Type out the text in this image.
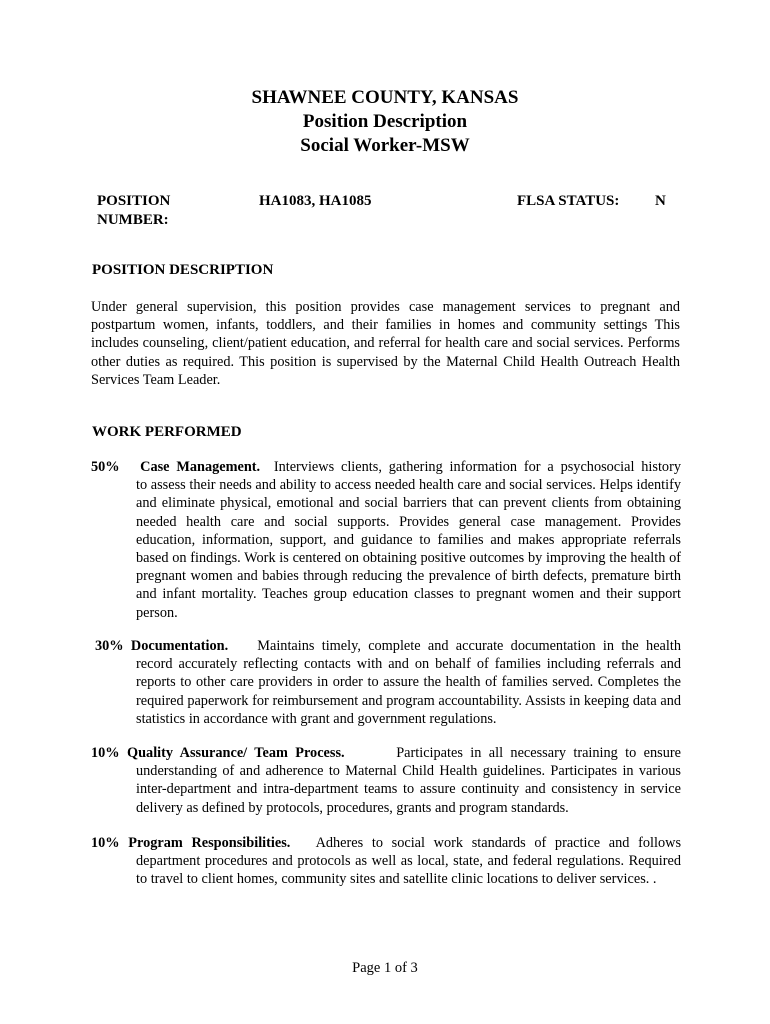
SHAWNEE COUNTY, KANSAS
Position Description
Social Worker-MSW
POSITION
NUMBER:
HA1083, HA1085	FLSA STATUS: N
POSITION DESCRIPTION
Under general supervision, this position provides case management services to pregnant and postpartum women, infants, toddlers, and their families in homes and community settings This includes counseling, client/patient education, and referral for health care and social services. Performs other duties as required. This position is supervised by the Maternal Child Health Outreach Health Services Team Leader.
WORK PERFORMED
50% Case Management. Interviews clients, gathering information for a psychosocial history
to assess their needs and ability to access needed health care and social services. Helps identify and eliminate physical, emotional and social barriers that can prevent clients from obtaining needed health care and social supports. Provides general case management. Provides education, information, support, and guidance to families and makes appropriate referrals based on findings. Work is centered on obtaining positive outcomes by improving the health of pregnant women and babies through reducing the prevalence of birth defects, premature birth and infant mortality. Teaches group education classes to pregnant women and their support person.
30% Documentation. Maintains timely, complete and accurate documentation in the health
record accurately reflecting contacts with and on behalf of families including referrals and reports to other care providers in order to assure the health of families served. Completes the required paperwork for reimbursement and program accountability. Assists in keeping data and statistics in accordance with grant and government regulations.
10% Quality Assurance/ Team Process.	Participates in all necessary training to ensure
understanding of and adherence to Maternal Child Health guidelines. Participates in various inter-department and intra-department teams to assure continuity and consistency in service delivery as defined by protocols, procedures, grants and program standards.
10% Program Responsibilities. Adheres to social work standards of practice and follows
department procedures and protocols as well as local, state, and federal regulations. Required to travel to client homes, community sites and satellite clinic locations to deliver services. .
Page 1 of 3
